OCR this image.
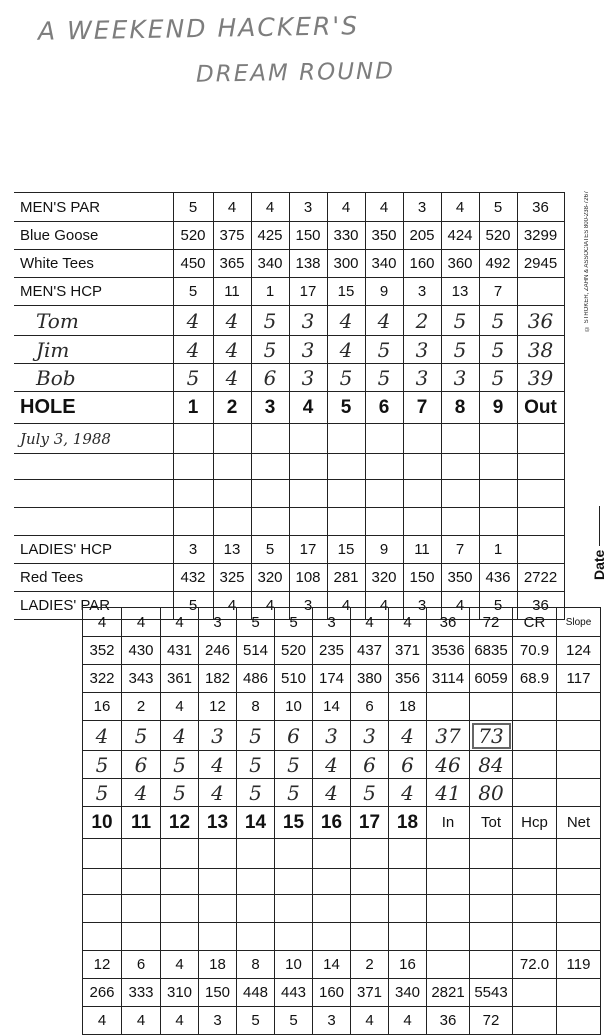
A WEEKEND HACKER'S
DREAM ROUND
MEN'S PAR	5	4	4	3	4	4	3	4	5	36
Blue Goose	520	375	425	150	330	350	205	424	520	3299
White Tees	450	365	340	138	300	340	160	360	492	2945
MEN'S HCP	5	11	1	17	15	9	3	13	7	
Tom	4	4	5	3	4	4	2	5	5	36
Jim	4	4	5	3	4	5	3	5	5	38
Bob	5	4	6	3	5	5	3	3	5	39
HOLE	1	2	3	4	5	6	7	8	9	Out
July 3, 1988										

LADIES' HCP	3	13	5	17	15	9	11	7	1	
Red Tees	432	325	320	108	281	320	150	350	436	2722
LADIES' PAR	5	4	4	3	4	4	3	4	5	36
	4	4	4	3	5	5	3	4	4	36	72	CR	Slope
	352	430	431	246	514	520	235	437	371	3536	6835	70.9	124
	322	343	361	182	486	510	174	380	356	3114	6059	68.9	117
	16	2	4	12	8	10	14	6	18				
	4	5	4	3	5	6	3	3	4	37	73		
	5	6	5	4	5	5	4	6	6	46	84		
	5	4	5	4	5	5	4	5	4	41	80		
	10	11	12	13	14	15	16	17	18	In	Tot	Hcp	Net

	12	6	4	18	8	10	14	2	16			72.0	119
	266	333	310	150	448	443	160	371	340	2821	5543		
	4	4	4	3	5	5	3	4	4	36	72		
© STROKER, ZAHN & ASSOCIATES 800-238-7267
Date
